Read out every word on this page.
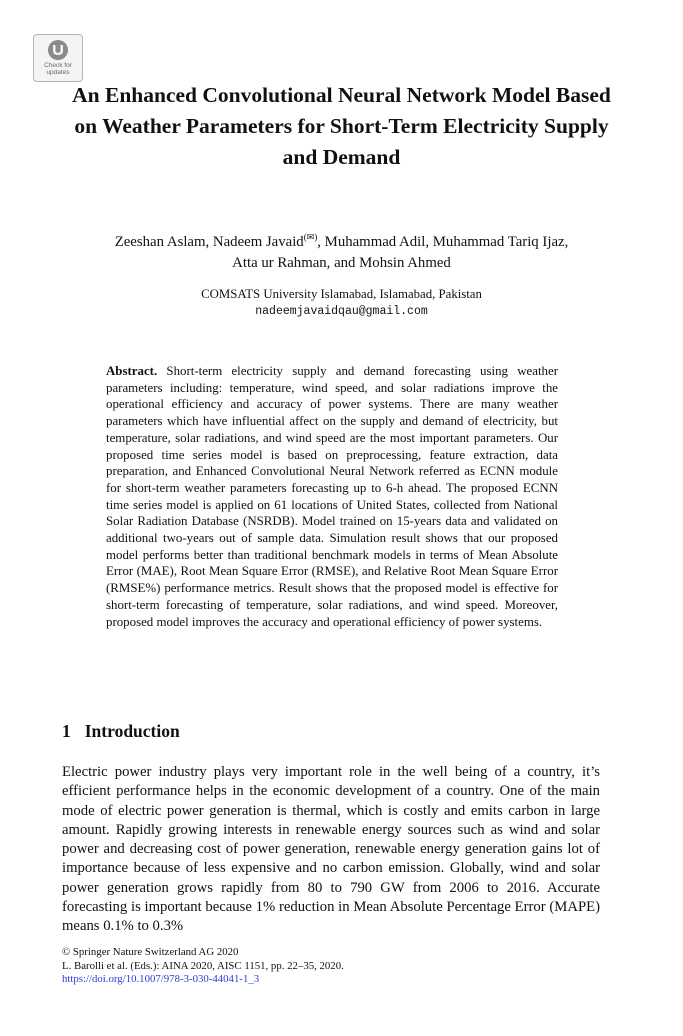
Check for
updates
An Enhanced Convolutional Neural Network Model Based on Weather Parameters for Short-Term Electricity Supply and Demand
Zeeshan Aslam, Nadeem Javaid(✉), Muhammad Adil, Muhammad Tariq Ijaz,
Atta ur Rahman, and Mohsin Ahmed
COMSATS University Islamabad, Islamabad, Pakistan
nadeemjavaidqau@gmail.com
Abstract. Short-term electricity supply and demand forecasting using weather parameters including: temperature, wind speed, and solar radiations improve the operational efficiency and accuracy of power systems. There are many weather parameters which have influential affect on the supply and demand of electricity, but temperature, solar radiations, and wind speed are the most important parameters. Our proposed time series model is based on preprocessing, feature extraction, data preparation, and Enhanced Convolutional Neural Network referred as ECNN module for short-term weather parameters forecasting up to 6-h ahead. The proposed ECNN time series model is applied on 61 locations of United States, collected from National Solar Radiation Database (NSRDB). Model trained on 15-years data and validated on additional two-years out of sample data. Simulation result shows that our proposed model performs better than traditional benchmark models in terms of Mean Absolute Error (MAE), Root Mean Square Error (RMSE), and Relative Root Mean Square Error (RMSE%) performance metrics. Result shows that the proposed model is effective for short-term forecasting of temperature, solar radiations, and wind speed. Moreover, proposed model improves the accuracy and operational efficiency of power systems.
1 Introduction
Electric power industry plays very important role in the well being of a country, it’s efficient performance helps in the economic development of a country. One of the main mode of electric power generation is thermal, which is costly and emits carbon in large amount. Rapidly growing interests in renewable energy sources such as wind and solar power and decreasing cost of power generation, renewable energy generation gains lot of importance because of less expensive and no carbon emission. Globally, wind and solar power generation grows rapidly from 80 to 790 GW from 2006 to 2016. Accurate forecasting is important because 1% reduction in Mean Absolute Percentage Error (MAPE) means 0.1% to 0.3%
© Springer Nature Switzerland AG 2020
L. Barolli et al. (Eds.): AINA 2020, AISC 1151, pp. 22–35, 2020.
https://doi.org/10.1007/978-3-030-44041-1_3
